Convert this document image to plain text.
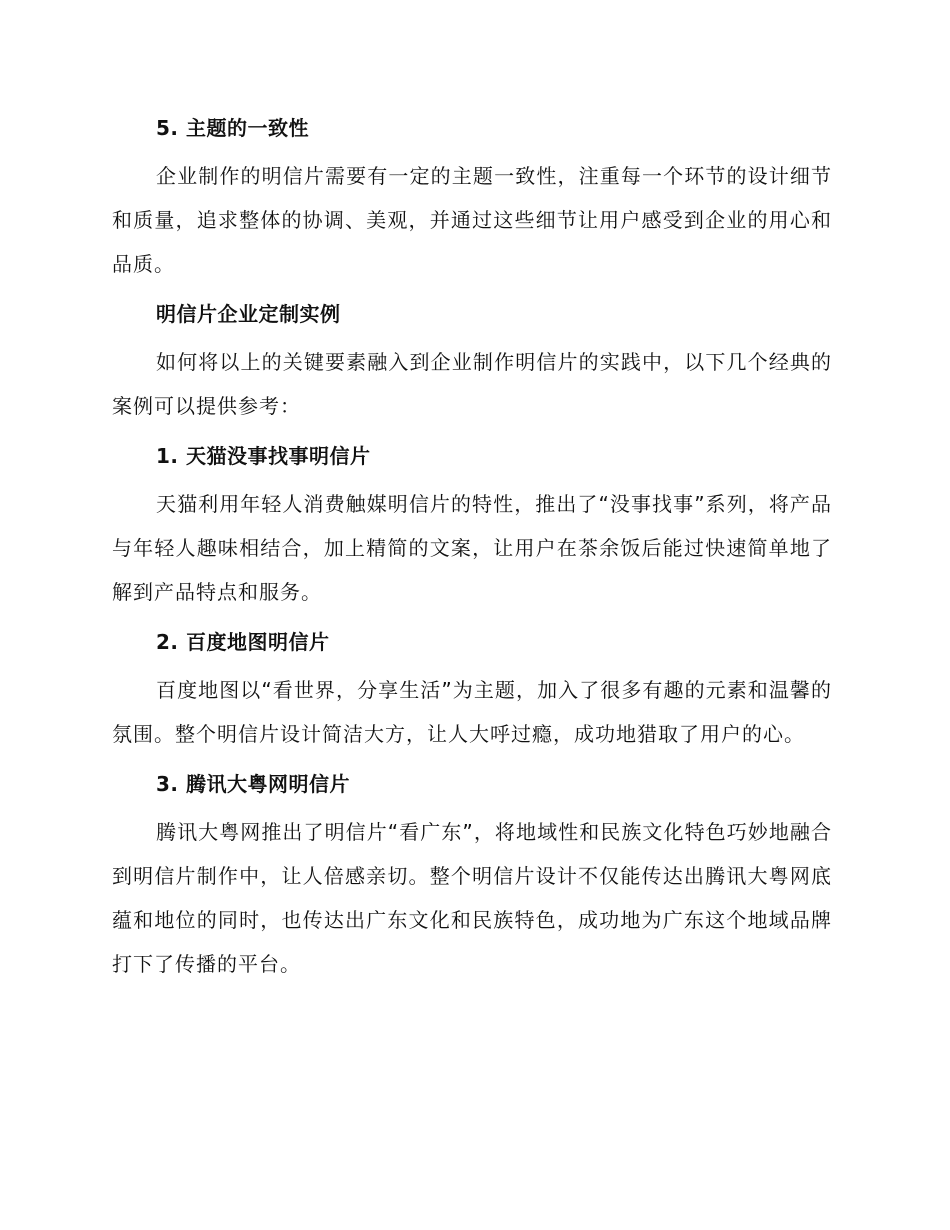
5. 主题的一致性

企业制作的明信片需要有一定的主题一致性，注重每一个环节的设计细节和质量，追求整体的协调、美观，并通过这些细节让用户感受到企业的用心和品质。

明信片企业定制实例

如何将以上的关键要素融入到企业制作明信片的实践中，以下几个经典的案例可以提供参考：

1. 天猫没事找事明信片

天猫利用年轻人消费触媒明信片的特性，推出了“没事找事”系列，将产品与年轻人趣味相结合，加上精简的文案，让用户在茶余饭后能过快速简单地了解到产品特点和服务。

2. 百度地图明信片

百度地图以“看世界，分享生活”为主题，加入了很多有趣的元素和温馨的氛围。整个明信片设计简洁大方，让人大呼过瘾，成功地猎取了用户的心。

3. 腾讯大粤网明信片

腾讯大粤网推出了明信片“看广东”，将地域性和民族文化特色巧妙地融合到明信片制作中，让人倍感亲切。整个明信片设计不仅能传达出腾讯大粤网底蕴和地位的同时，也传达出广东文化和民族特色，成功地为广东这个地域品牌打下了传播的平台。
